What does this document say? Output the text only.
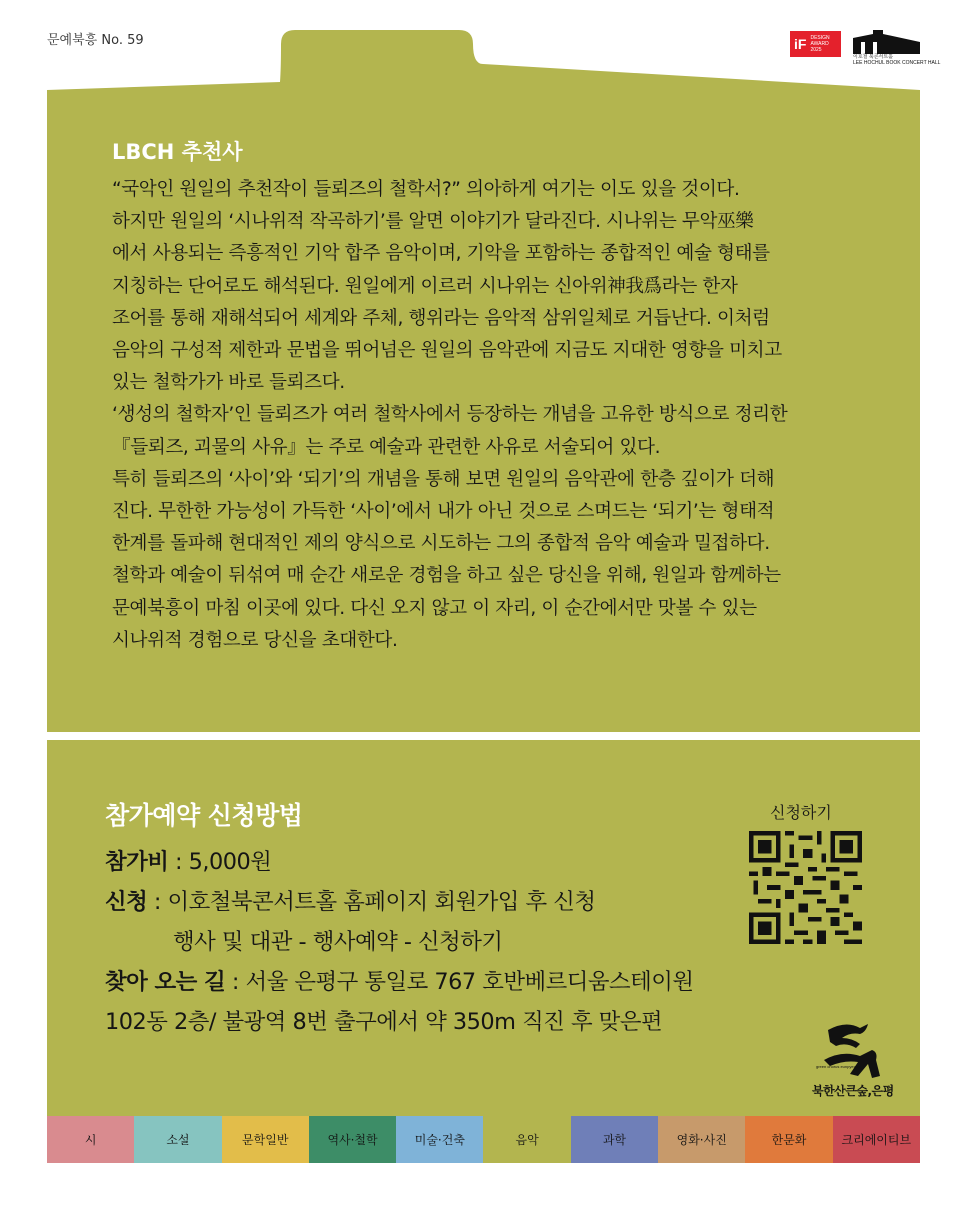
문예북흥 No. 59	iF DESIGN AWARD 2025
이호철 북콘서트홀
LEE HOCHUL BOOK CONCERT HALL
LBCH 추천사
“국악인 원일의 추천작이 들뢰즈의 철학서?” 의아하게 여기는 이도 있을 것이다.
하지만 원일의 ‘시나위적 작곡하기’를 알면 이야기가 달라진다. 시나위는 무악巫樂
에서 사용되는 즉흥적인 기악 합주 음악이며, 기악을 포함하는 종합적인 예술 형태를
지칭하는 단어로도 해석된다. 원일에게 이르러 시나위는 신아위神我爲라는 한자
조어를 통해 재해석되어 세계와 주체, 행위라는 음악적 삼위일체로 거듭난다. 이처럼
음악의 구성적 제한과 문법을 뛰어넘은 원일의 음악관에 지금도 지대한 영향을 미치고
있는 철학가가 바로 들뢰즈다.
‘생성의 철학자’인 들뢰즈가 여러 철학사에서 등장하는 개념을 고유한 방식으로 정리한
『들뢰즈, 괴물의 사유』는 주로 예술과 관련한 사유로 서술되어 있다.
특히 들뢰즈의 ‘사이’와 ‘되기’의 개념을 통해 보면 원일의 음악관에 한층 깊이가 더해
진다. 무한한 가능성이 가득한 ‘사이’에서 내가 아닌 것으로 스며드는 ‘되기’는 형태적
한계를 돌파해 현대적인 제의 양식으로 시도하는 그의 종합적 음악 예술과 밀접하다.
철학과 예술이 뒤섞여 매 순간 새로운 경험을 하고 싶은 당신을 위해, 원일과 함께하는
문예북흥이 마침 이곳에 있다. 다신 오지 않고 이 자리, 이 순간에서만 맛볼 수 있는
시나위적 경험으로 당신을 초대한다.
참가예약 신청방법
참가비 : 5,000원
신청 : 이호철북콘서트홀 홈페이지 회원가입 후 신청
행사 및 대관 - 행사예약 - 신청하기
찾아 오는 길 : 서울 은평구 통일로 767 호반베르디움스테이원
102동 2층/ 불광역 8번 출구에서 약 350m 직진 후 맞은편
신청하기
green chorus eunpyeong
북한산큰숲,은평
시	소설	문학일반	역사·철학	미술·건축	음악	과학	영화·사진	한문화	크리에이티브
